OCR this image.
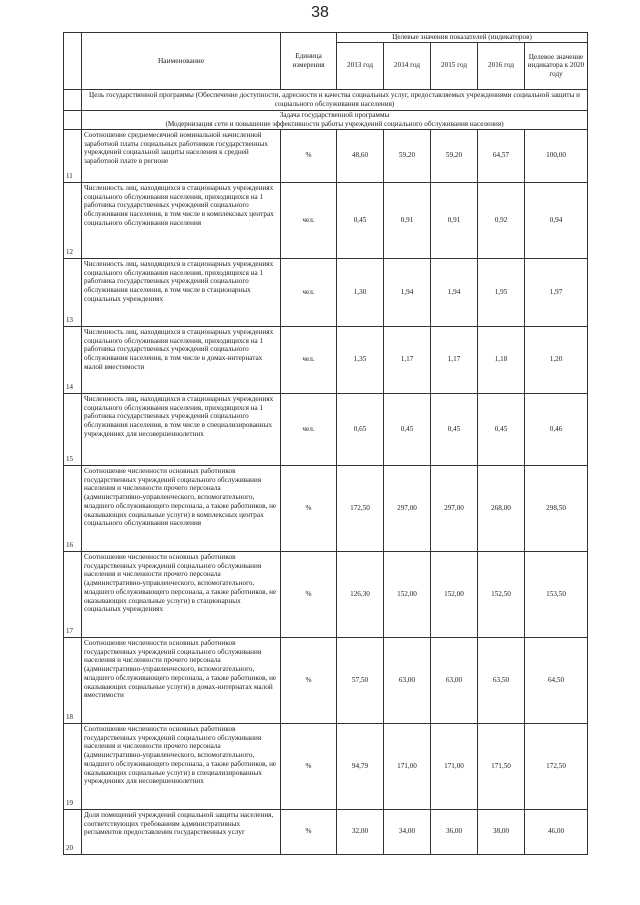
38
	Наименование	Единица измерения	Целевые значения показателей (индикаторов)				
			2013 год	2014 год	2015 год	2016 год	Целевое значение индикатора к 2020 году
	Цель государственной программы (Обеспечение доступности, адресности и качества социальных услуг, предоставляемых учреждениями социальной защиты и социального обслуживания населения)						

	Задача государственной программы
(Модернизация сети и повышение эффективности работы учреждений социального обслуживания населения)						

11	Соотношение среднемесячной номинальной начисленной заработной платы социальных работников государственных учреждений социальной защиты населения к средней заработной плате в регионе	%	48,60	59,20	59,20	64,57	100,00
12	Численность лиц, находящихся в стационарных учреждениях социального обслуживания населения, приходящихся на 1 работника государственных учреждений социального обслуживания населения, в том числе в комплексных центрах социального обслуживания населения	чел.	0,45	0,91	0,91	0,92	0,94
13	Численность лиц, находящихся в стационарных учреждениях социального обслуживания населения, приходящихся на 1 работника государственных учреждений социального обслуживания населения, в том числе в стационарных социальных учреждениях	чел.	1,30	1,94	1,94	1,95	1,97
14	Численность лиц, находящихся в стационарных учреждениях социального обслуживания населения, приходящихся на 1 работника государственных учреждений социального обслуживания населения, в том числе в домах-интернатах малой вместимости	чел.	1,35	1,17	1,17	1,18	1,20
15	Численность лиц, находящихся в стационарных учреждениях социального обслуживания населения, приходящихся на 1 работника государственных учреждений социального обслуживания населения, в том числе в специализированных учреждениях для несовершеннолетних	чел.	0,65	0,45	0,45	0,45	0,46
16	Соотношение численности основных работников государственных учреждений социального обслуживания населения и численности прочего персонала (административно-управленческого, вспомогательного, младшего обслуживающего персонала, а также работников, не оказывающих социальные услуги) в комплексных центрах социального обслуживания населения	%	172,50	297,00	297,00	268,00	298,50
17	Соотношение численности основных работников государственных учреждений социального обслуживания населения и численности прочего персонала (административно-управленческого, вспомогательного, младшего обслуживающего персонала, а также работников, не оказывающих социальные услуги) в стационарных социальных учреждениях	%	126,30	152,00	152,00	152,50	153,50
18	Соотношение численности основных работников государственных учреждений социального обслуживания населения и численности прочего персонала (административно-управленческого, вспомогательного, младшего обслуживающего персонала, а также работников, не оказывающих социальные услуги) в домах-интернатах малой вместимости	%	57,50	63,00	63,00	63,50	64,50
19	Соотношение численности основных работников государственных учреждений социального обслуживания населения и численности прочего персонала (административно-управленческого, вспомогательного, младшего обслуживающего персонала, а также работников, не оказывающих социальные услуги) в специализированных учреждениях для несовершеннолетних	%	94,79	171,00	171,00	171,50	172,50
20	Доля помещений учреждений социальной защиты населения, соответствующих требованиям административных регламентов предоставления государственных услуг	%	32,00	34,00	36,00	38,00	46,00
